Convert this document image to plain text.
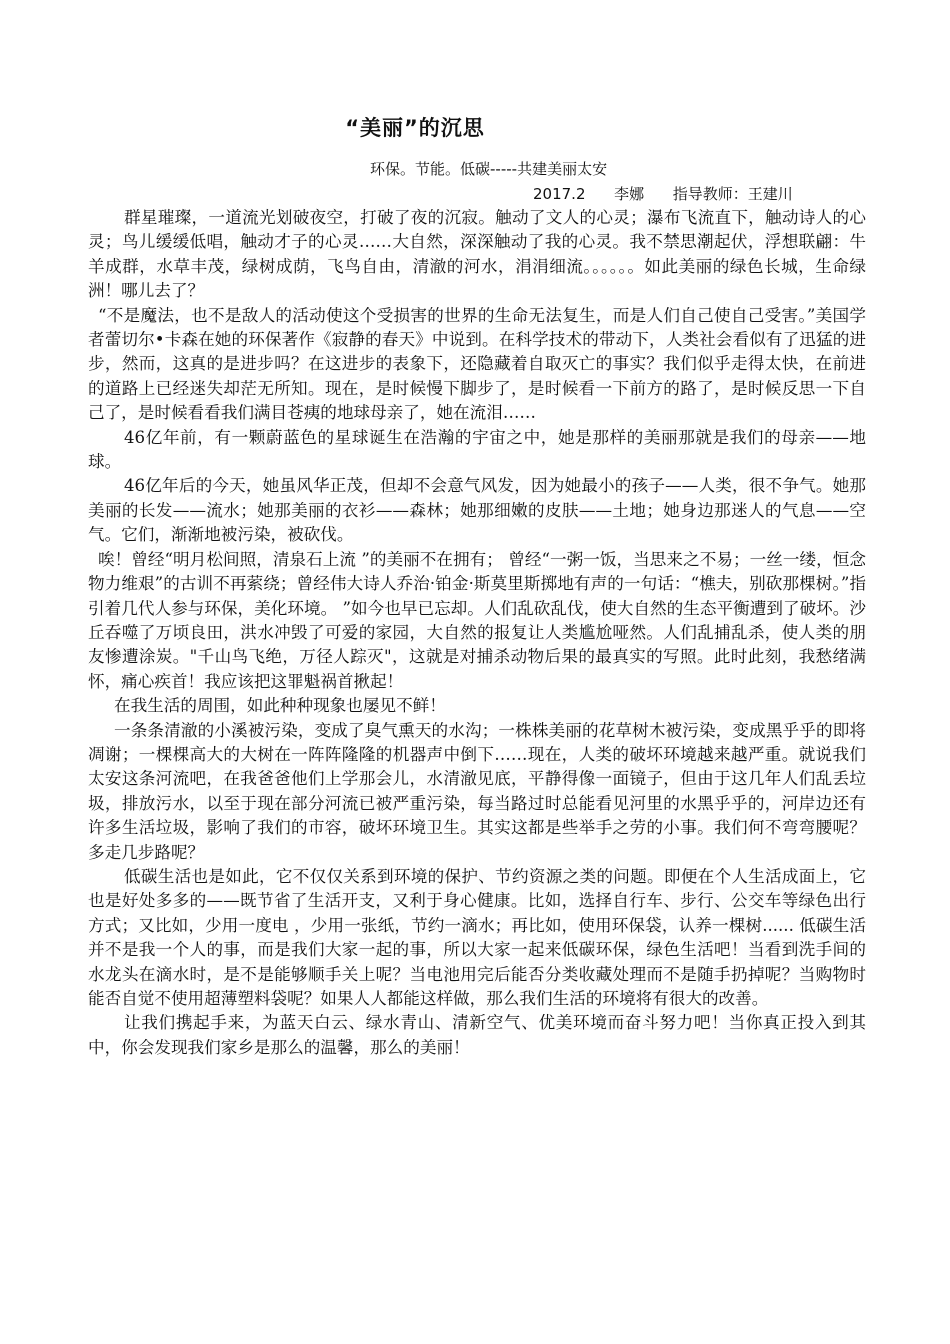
“美丽”的沉思
环保。节能。低碳-----共建美丽太安
2017.2      李娜      指导教师：王建川

群星璀璨，一道流光划破夜空，打破了夜的沉寂。触动了文人的心灵；瀑布飞流直下，触动诗人的心灵；鸟儿缓缓低唱，触动才子的心灵……大自然，深深触动了我的心灵。我不禁思潮起伏，浮想联翩：牛羊成群，水草丰茂，绿树成荫，飞鸟自由，清澈的河水，涓涓细流。。。。。。如此美丽的绿色长城，生命绿洲！哪儿去了？

“不是魔法，也不是敌人的活动使这个受损害的世界的生命无法复生，而是人们自己使自己受害。”美国学者蕾切尔•卡森在她的环保著作《寂静的春天》中说到。在科学技术的带动下，人类社会看似有了迅猛的进步，然而，这真的是进步吗？在这进步的表象下，还隐藏着自取灭亡的事实？我们似乎走得太快，在前进的道路上已经迷失却茫无所知。现在，是时候慢下脚步了，是时候看一下前方的路了，是时候反思一下自己了，是时候看看我们满目苍痍的地球母亲了，她在流泪……

46亿年前，有一颗蔚蓝色的星球诞生在浩瀚的宇宙之中，她是那样的美丽那就是我们的母亲——地球。

46亿年后的今天，她虽风华正茂，但却不会意气风发，因为她最小的孩子——人类，很不争气。她那美丽的长发——流水；她那美丽的衣衫——森林；她那细嫩的皮肤——土地；她身边那迷人的气息——空气。它们，渐渐地被污染，被砍伐。

唉！曾经“明月松间照，清泉石上流 ”的美丽不在拥有； 曾经“一粥一饭，当思来之不易；一丝一缕，恒念物力维艰”的古训不再萦绕；曾经伟大诗人乔治·铂金·斯莫里斯掷地有声的一句话：“樵夫，别砍那棵树。”指引着几代人参与环保，美化环境。 ”如今也早已忘却。人们乱砍乱伐，使大自然的生态平衡遭到了破坏。沙丘吞噬了万顷良田，洪水冲毁了可爱的家园，大自然的报复让人类尴尬哑然。人们乱捕乱杀，使人类的朋友惨遭涂炭。"千山鸟飞绝，万径人踪灭"，这就是对捕杀动物后果的最真实的写照。此时此刻，我愁绪满怀，痛心疾首！我应该把这罪魁祸首揪起！

在我生活的周围，如此种种现象也屡见不鲜！

一条条清澈的小溪被污染，变成了臭气熏天的水沟；一株株美丽的花草树木被污染，变成黑乎乎的即将凋谢；一棵棵高大的大树在一阵阵隆隆的机器声中倒下……现在，人类的破坏环境越来越严重。就说我们太安这条河流吧，在我爸爸他们上学那会儿，水清澈见底，平静得像一面镜子，但由于这几年人们乱丢垃圾，排放污水，以至于现在部分河流已被严重污染，每当路过时总能看见河里的水黑乎乎的，河岸边还有许多生活垃圾，影响了我们的市容，破坏环境卫生。其实这都是些举手之劳的小事。我们何不弯弯腰呢？多走几步路呢？

低碳生活也是如此，它不仅仅关系到环境的保护、节约资源之类的问题。即便在个人生活成面上，它也是好处多多的——既节省了生活开支，又利于身心健康。比如，选择自行车、步行、公交车等绿色出行方式；又比如，少用一度电 ，少用一张纸，节约一滴水；再比如，使用环保袋，认养一棵树...... 低碳生活并不是我一个人的事，而是我们大家一起的事，所以大家一起来低碳环保，绿色生活吧！当看到洗手间的水龙头在滴水时，是不是能够顺手关上呢？当电池用完后能否分类收藏处理而不是随手扔掉呢？当购物时能否自觉不使用超薄塑料袋呢？如果人人都能这样做，那么我们生活的环境将有很大的改善。

让我们携起手来，为蓝天白云、绿水青山、清新空气、优美环境而奋斗努力吧！当你真正投入到其中，你会发现我们家乡是那么的温馨，那么的美丽！
